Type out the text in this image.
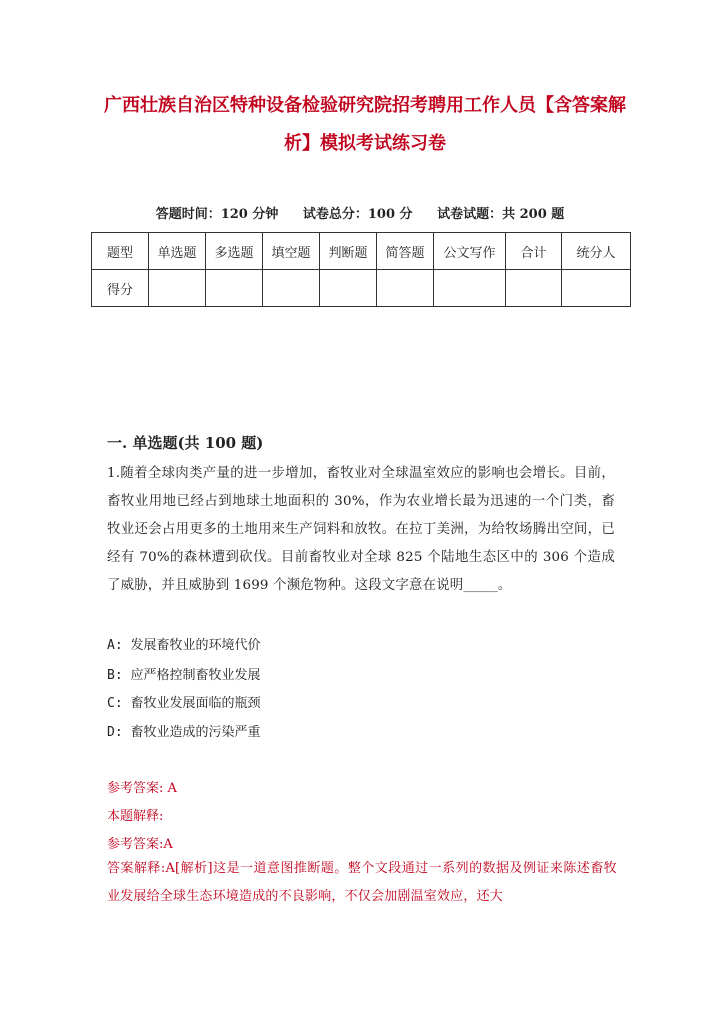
广西壮族自治区特种设备检验研究院招考聘用工作人员【含答案解
析】模拟考试练习卷
答题时间：120 分钟 试卷总分：100 分 试卷试题：共 200 题
题型	单选题	多选题	填空题	判断题	简答题	公文写作	合计	统分人
得分								
一. 单选题(共 100 题)
1.随着全球肉类产量的进一步增加，畜牧业对全球温室效应的影响也会增长。目前，畜牧业用地已经占到地球土地面积的 30%，作为农业增长最为迅速的一个门类，畜牧业还会占用更多的土地用来生产饲料和放牧。在拉丁美洲，为给牧场腾出空间，已经有 70%的森林遭到砍伐。目前畜牧业对全球 825 个陆地生态区中的 306 个造成了威胁，并且威胁到 1699 个濒危物种。这段文字意在说明_____。
A: 发展畜牧业的环境代价
B: 应严格控制畜牧业发展
C: 畜牧业发展面临的瓶颈
D: 畜牧业造成的污染严重
参考答案: A
本题解释:
参考答案:A
答案解释:A[解析]这是一道意图推断题。整个文段通过一系列的数据及例证来陈述畜牧业发展给全球生态环境造成的不良影响，不仅会加剧温室效应，还大
